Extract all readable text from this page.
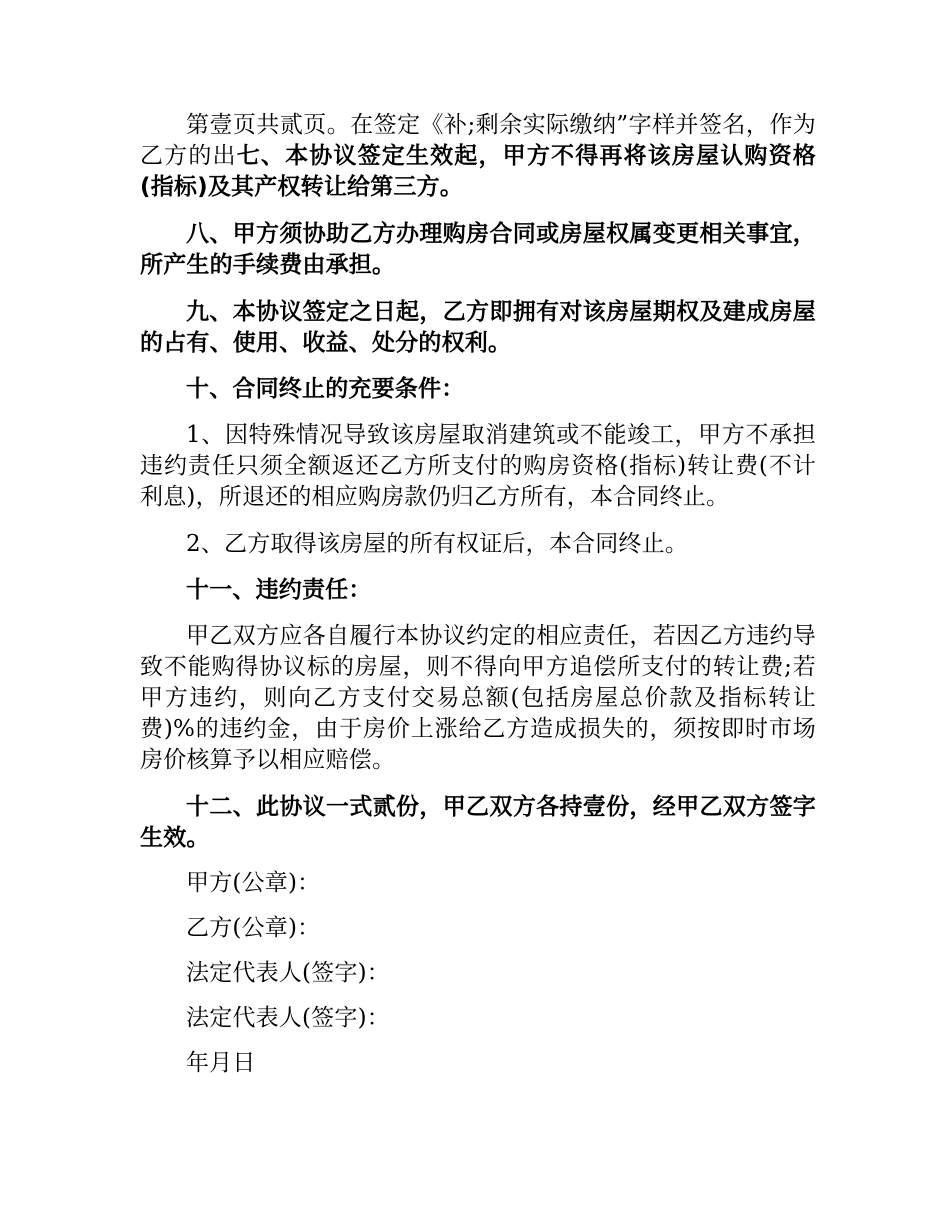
第壹页共贰页。在签定《补;剩余实际缴纳”字样并签名，作为乙方的出七、本协议签定生效起，甲方不得再将该房屋认购资格(指标)及其产权转让给第三方。

八、甲方须协助乙方办理购房合同或房屋权属变更相关事宜，所产生的手续费由承担。

九、本协议签定之日起，乙方即拥有对该房屋期权及建成房屋的占有、使用、收益、处分的权利。

十、合同终止的充要条件：

1、因特殊情况导致该房屋取消建筑或不能竣工，甲方不承担违约责任只须全额返还乙方所支付的购房资格(指标)转让费(不计利息)，所退还的相应购房款仍归乙方所有，本合同终止。

2、乙方取得该房屋的所有权证后，本合同终止。

十一、违约责任：

甲乙双方应各自履行本协议约定的相应责任，若因乙方违约导致不能购得协议标的房屋，则不得向甲方追偿所支付的转让费;若甲方违约，则向乙方支付交易总额(包括房屋总价款及指标转让费)%的违约金，由于房价上涨给乙方造成损失的，须按即时市场房价核算予以相应赔偿。

十二、此协议一式贰份，甲乙双方各持壹份，经甲乙双方签字生效。

甲方(公章)：

乙方(公章)：

法定代表人(签字)：

法定代表人(签字)：

年月日
